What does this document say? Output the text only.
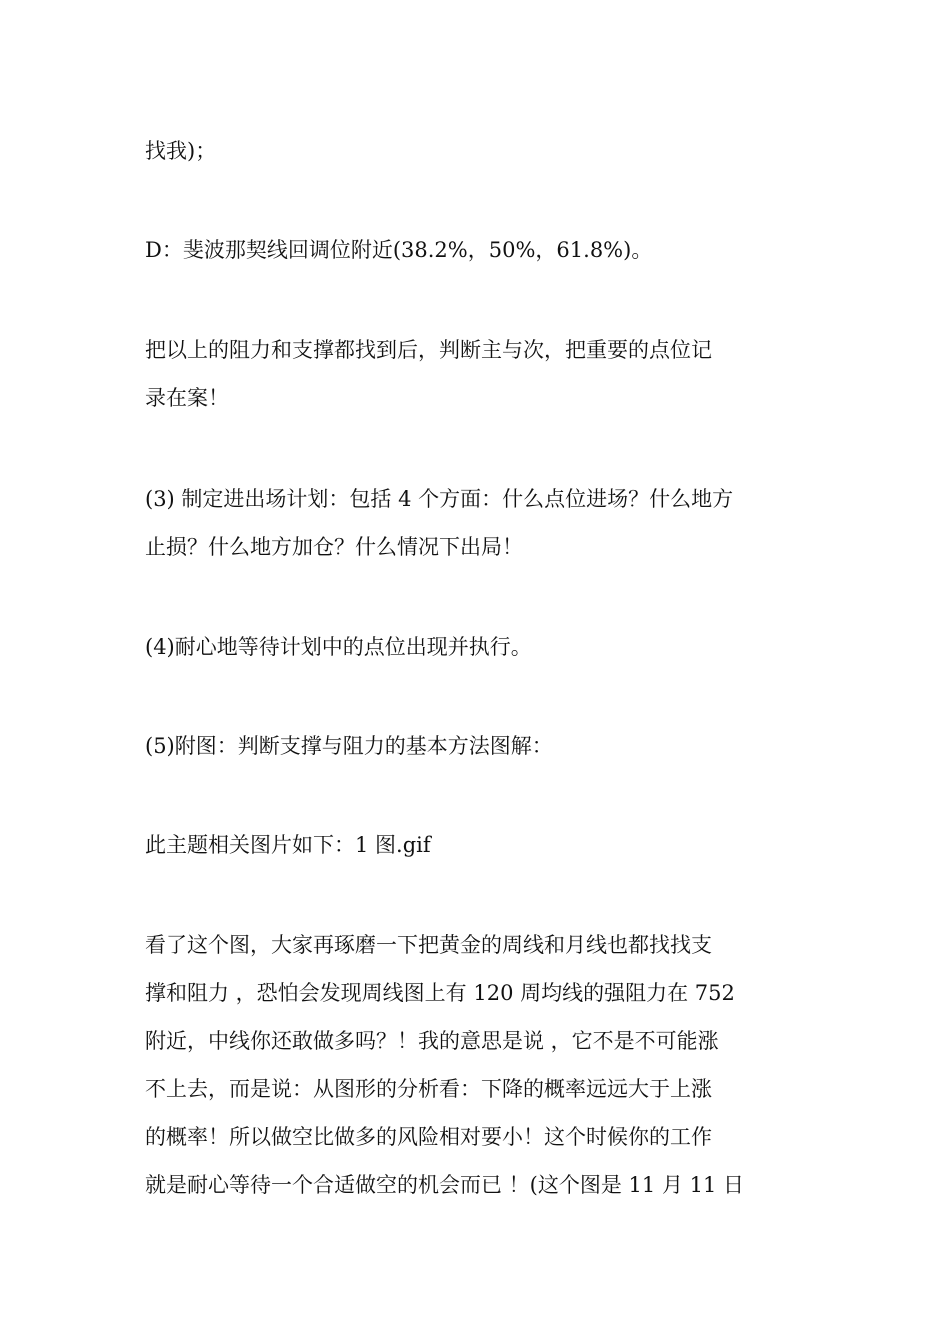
找我)；
D：斐波那契线回调位附近(38.2%，50%，61.8%)。
把以上的阻力和支撑都找到后，判断主与次，把重要的点位记
录在案！
(3) 制定进出场计划：包括 4 个方面：什么点位进场？什么地方
止损？什么地方加仓？什么情况下出局！
(4)耐心地等待计划中的点位出现并执行。
(5)附图：判断支撑与阻力的基本方法图解：
此主题相关图片如下：1 图.gif
看了这个图，大家再琢磨一下把黄金的周线和月线也都找找支
撑和阻力 ，恐怕会发现周线图上有 120 周均线的强阻力在 752
附近，中线你还敢做多吗？！我的意思是说 ，它不是不可能涨
不上去，而是说：从图形的分析看：下降的概率远远大于上涨
的概率！所以做空比做多的风险相对要小！这个时候你的工作
就是耐心等待一个合适做空的机会而已 ！(这个图是 11 月 11 日
